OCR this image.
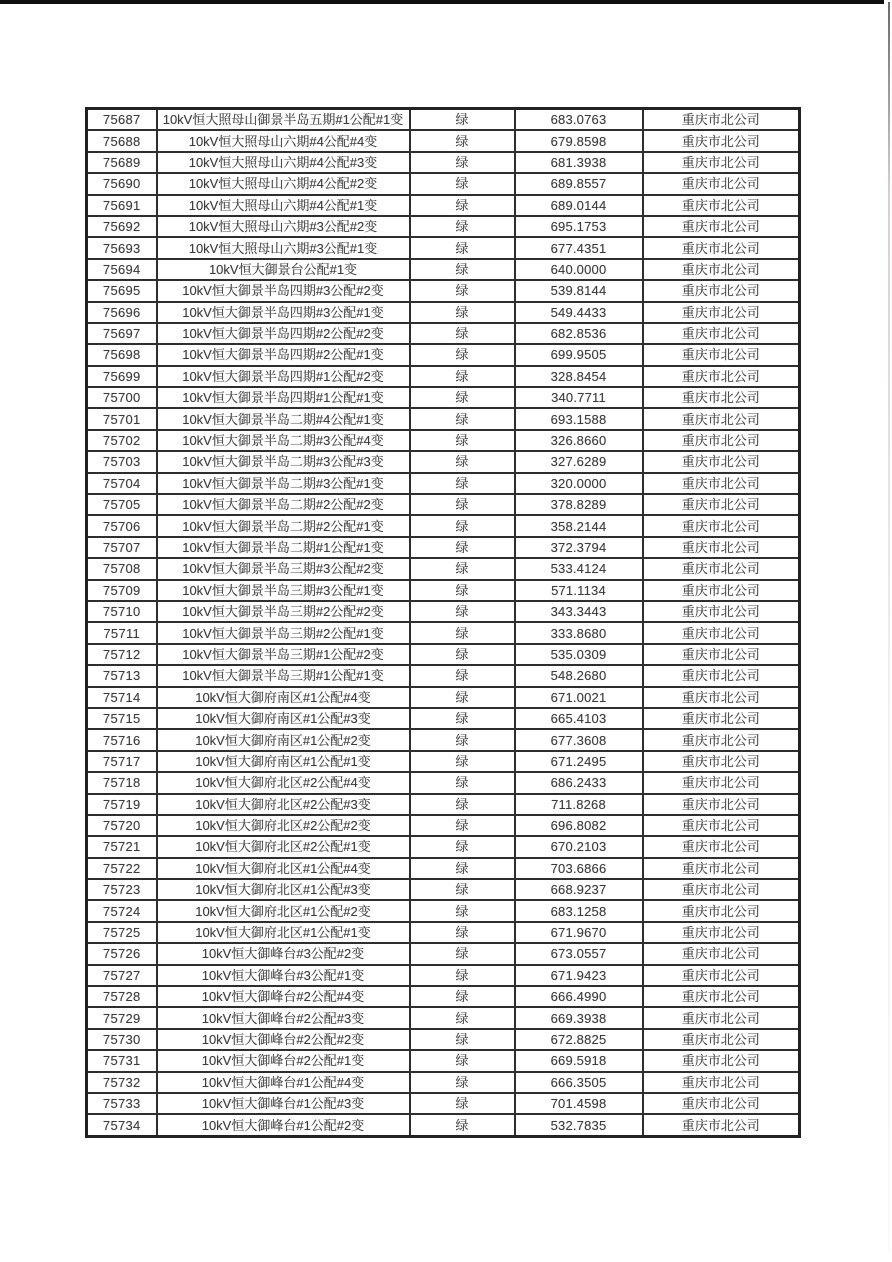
75687	10kV恒大照母山御景半岛五期#1公配#1变	绿	683.0763	重庆市北公司
75688	10kV恒大照母山六期#4公配#4变	绿	679.8598	重庆市北公司
75689	10kV恒大照母山六期#4公配#3变	绿	681.3938	重庆市北公司
75690	10kV恒大照母山六期#4公配#2变	绿	689.8557	重庆市北公司
75691	10kV恒大照母山六期#4公配#1变	绿	689.0144	重庆市北公司
75692	10kV恒大照母山六期#3公配#2变	绿	695.1753	重庆市北公司
75693	10kV恒大照母山六期#3公配#1变	绿	677.4351	重庆市北公司
75694	10kV恒大御景台公配#1变	绿	640.0000	重庆市北公司
75695	10kV恒大御景半岛四期#3公配#2变	绿	539.8144	重庆市北公司
75696	10kV恒大御景半岛四期#3公配#1变	绿	549.4433	重庆市北公司
75697	10kV恒大御景半岛四期#2公配#2变	绿	682.8536	重庆市北公司
75698	10kV恒大御景半岛四期#2公配#1变	绿	699.9505	重庆市北公司
75699	10kV恒大御景半岛四期#1公配#2变	绿	328.8454	重庆市北公司
75700	10kV恒大御景半岛四期#1公配#1变	绿	340.7711	重庆市北公司
75701	10kV恒大御景半岛二期#4公配#1变	绿	693.1588	重庆市北公司
75702	10kV恒大御景半岛二期#3公配#4变	绿	326.8660	重庆市北公司
75703	10kV恒大御景半岛二期#3公配#3变	绿	327.6289	重庆市北公司
75704	10kV恒大御景半岛二期#3公配#1变	绿	320.0000	重庆市北公司
75705	10kV恒大御景半岛二期#2公配#2变	绿	378.8289	重庆市北公司
75706	10kV恒大御景半岛二期#2公配#1变	绿	358.2144	重庆市北公司
75707	10kV恒大御景半岛二期#1公配#1变	绿	372.3794	重庆市北公司
75708	10kV恒大御景半岛三期#3公配#2变	绿	533.4124	重庆市北公司
75709	10kV恒大御景半岛三期#3公配#1变	绿	571.1134	重庆市北公司
75710	10kV恒大御景半岛三期#2公配#2变	绿	343.3443	重庆市北公司
75711	10kV恒大御景半岛三期#2公配#1变	绿	333.8680	重庆市北公司
75712	10kV恒大御景半岛三期#1公配#2变	绿	535.0309	重庆市北公司
75713	10kV恒大御景半岛三期#1公配#1变	绿	548.2680	重庆市北公司
75714	10kV恒大御府南区#1公配#4变	绿	671.0021	重庆市北公司
75715	10kV恒大御府南区#1公配#3变	绿	665.4103	重庆市北公司
75716	10kV恒大御府南区#1公配#2变	绿	677.3608	重庆市北公司
75717	10kV恒大御府南区#1公配#1变	绿	671.2495	重庆市北公司
75718	10kV恒大御府北区#2公配#4变	绿	686.2433	重庆市北公司
75719	10kV恒大御府北区#2公配#3变	绿	711.8268	重庆市北公司
75720	10kV恒大御府北区#2公配#2变	绿	696.8082	重庆市北公司
75721	10kV恒大御府北区#2公配#1变	绿	670.2103	重庆市北公司
75722	10kV恒大御府北区#1公配#4变	绿	703.6866	重庆市北公司
75723	10kV恒大御府北区#1公配#3变	绿	668.9237	重庆市北公司
75724	10kV恒大御府北区#1公配#2变	绿	683.1258	重庆市北公司
75725	10kV恒大御府北区#1公配#1变	绿	671.9670	重庆市北公司
75726	10kV恒大御峰台#3公配#2变	绿	673.0557	重庆市北公司
75727	10kV恒大御峰台#3公配#1变	绿	671.9423	重庆市北公司
75728	10kV恒大御峰台#2公配#4变	绿	666.4990	重庆市北公司
75729	10kV恒大御峰台#2公配#3变	绿	669.3938	重庆市北公司
75730	10kV恒大御峰台#2公配#2变	绿	672.8825	重庆市北公司
75731	10kV恒大御峰台#2公配#1变	绿	669.5918	重庆市北公司
75732	10kV恒大御峰台#1公配#4变	绿	666.3505	重庆市北公司
75733	10kV恒大御峰台#1公配#3变	绿	701.4598	重庆市北公司
75734	10kV恒大御峰台#1公配#2变	绿	532.7835	重庆市北公司
